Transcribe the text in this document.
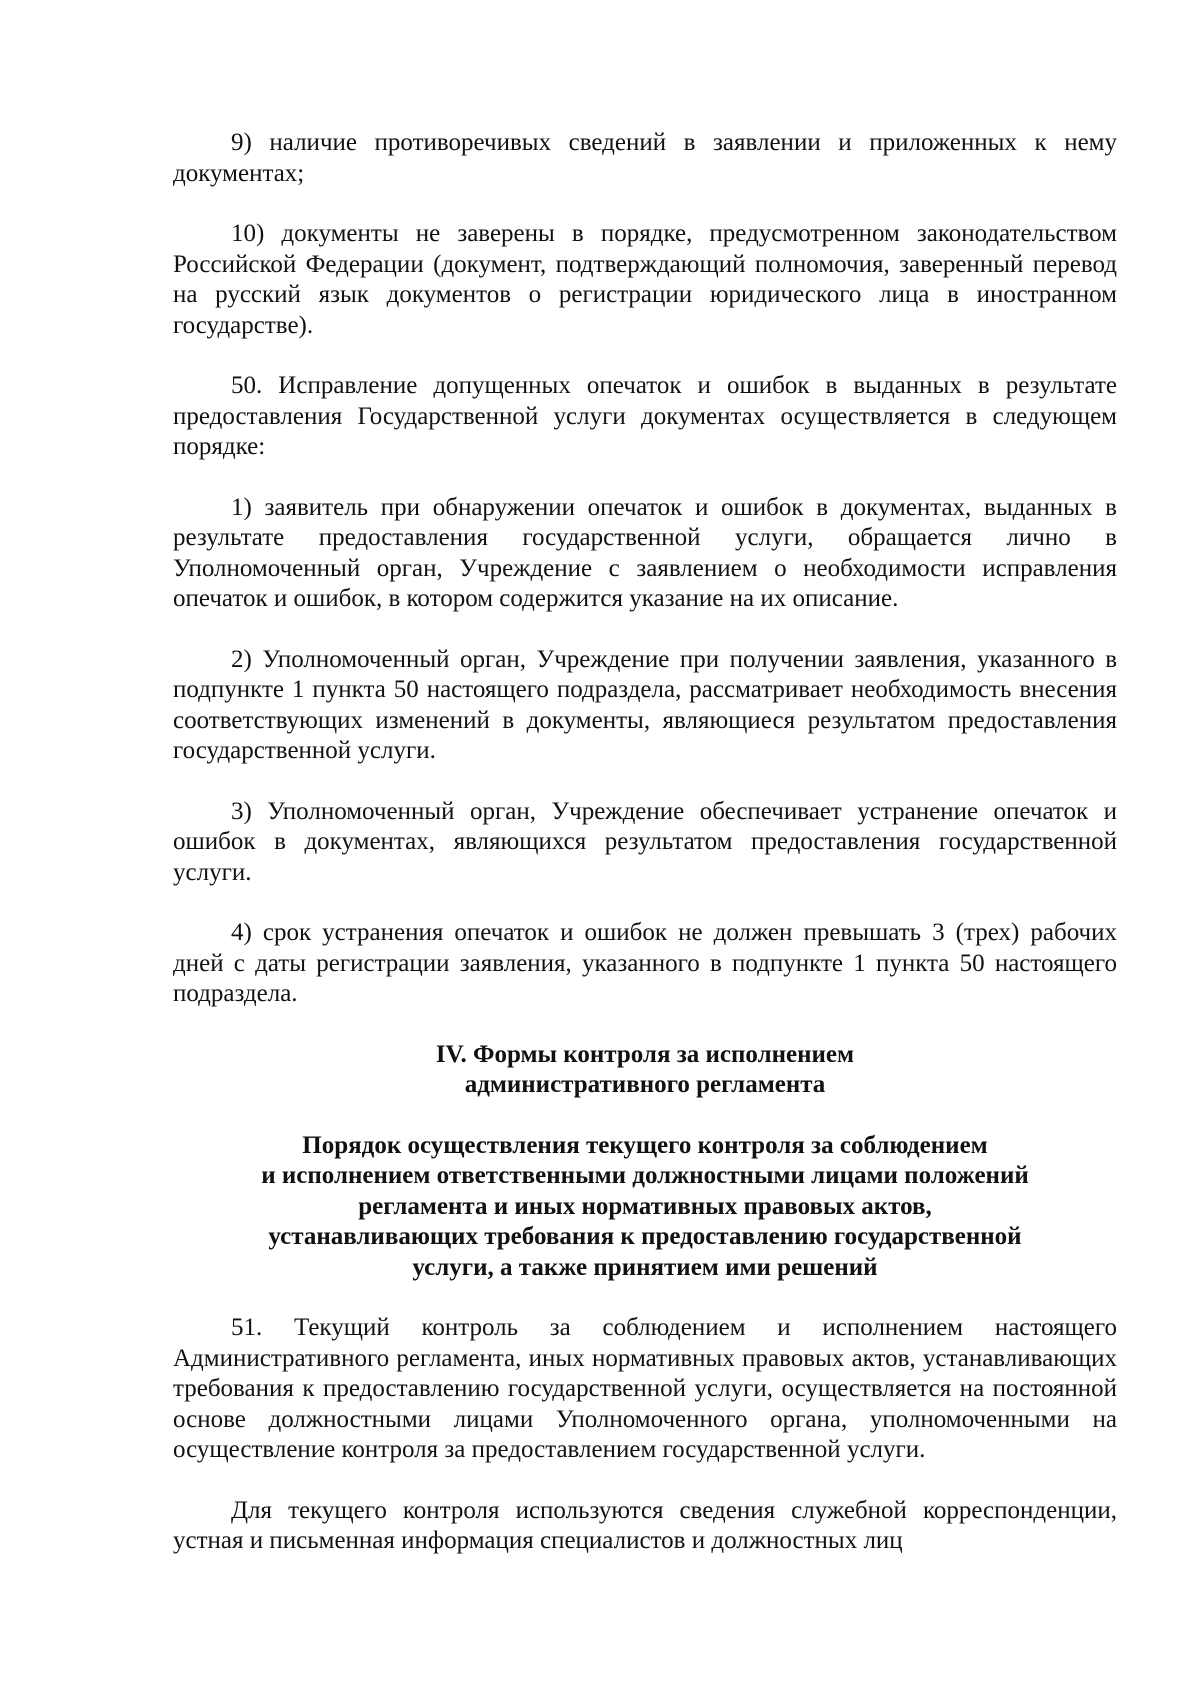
9) наличие противоречивых сведений в заявлении и приложенных к нему документах;

10) документы не заверены в порядке, предусмотренном законодательством Российской Федерации (документ, подтверждающий полномочия, заверенный перевод на русский язык документов о регистрации юридического лица в иностранном государстве).

50. Исправление допущенных опечаток и ошибок в выданных в результате предоставления Государственной услуги документах осуществляется в следующем порядке:

1) заявитель при обнаружении опечаток и ошибок в документах, выданных в результате предоставления государственной услуги, обращается лично в Уполномоченный орган, Учреждение с заявлением о необходимости исправления опечаток и ошибок, в котором содержится указание на их описание.

2) Уполномоченный орган, Учреждение при получении заявления, указанного в подпункте 1 пункта 50 настоящего подраздела, рассматривает необходимость внесения соответствующих изменений в документы, являющиеся результатом предоставления государственной услуги.

3) Уполномоченный орган, Учреждение обеспечивает устранение опечаток и ошибок в документах, являющихся результатом предоставления государственной услуги.

4) срок устранения опечаток и ошибок не должен превышать 3 (трех) рабочих дней с даты регистрации заявления, указанного в подпункте 1 пункта 50 настоящего подраздела.

IV. Формы контроля за исполнением
административного регламента
Порядок осуществления текущего контроля за соблюдением
и исполнением ответственными должностными лицами положений
регламента и иных нормативных правовых актов,
устанавливающих требования к предоставлению государственной
услуги, а также принятием ими решений

51. Текущий контроль за соблюдением и исполнением настоящего Административного регламента, иных нормативных правовых актов, устанавливающих требования к предоставлению государственной услуги, осуществляется на постоянной основе должностными лицами Уполномоченного органа, уполномоченными на осуществление контроля за предоставлением государственной услуги.

Для текущего контроля используются сведения служебной корреспонденции, устная и письменная информация специалистов и должностных лиц
